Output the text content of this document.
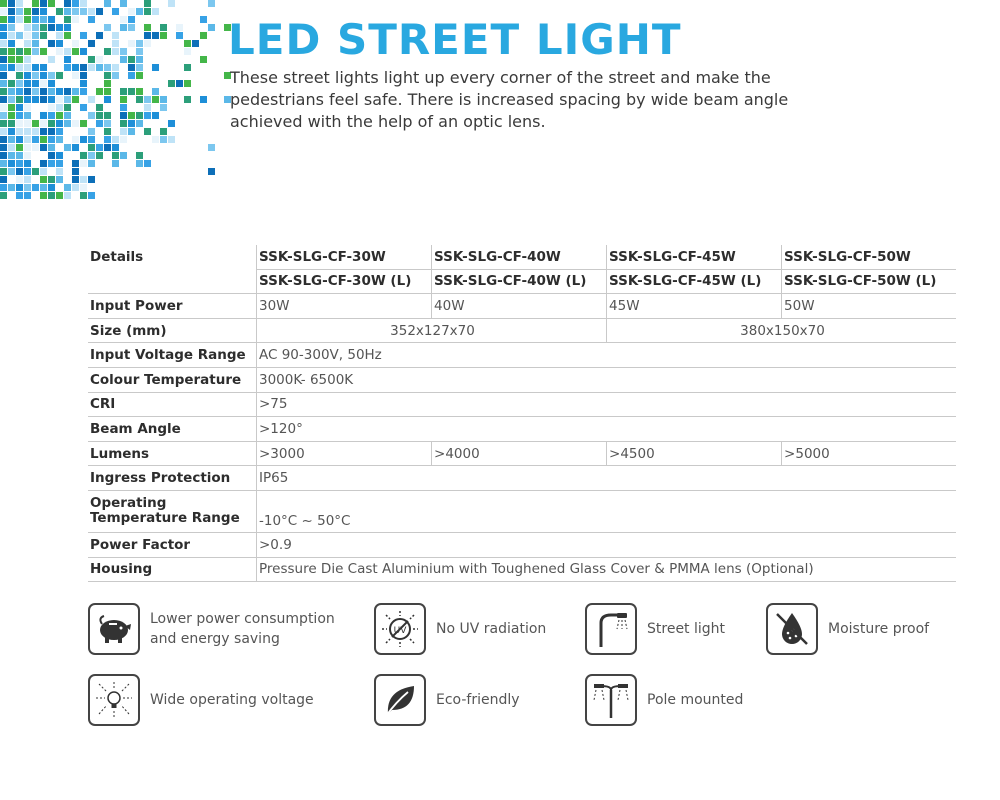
LED STREET LIGHT

These street lights light up every corner of the street and make the pedestrians feel safe. There is increased spacing by wide beam angle achieved with the help of an optic lens.

Details	SSK-SLG-CF-30W	SSK-SLG-CF-40W	SSK-SLG-CF-45W	SSK-SLG-CF-50W
	SSK-SLG-CF-30W (L)	SSK-SLG-CF-40W (L)	SSK-SLG-CF-45W (L)	SSK-SLG-CF-50W (L)
Input Power	30W	40W	45W	50W
Size (mm)	352x127x70		380x150x70	
Input Voltage Range	AC 90-300V, 50Hz			
Colour Temperature	3000K- 6500K			
CRI	>75			
Beam Angle	>120°			
Lumens	>3000	>4000	>4500	>5000
Ingress Protection	IP65			

Operating
Temperature Range	-10°C ~ 50°C			
Power Factor	>0.9			
Housing	Pressure Die Cast Aluminium with Toughened Glass Cover & PMMA lens (Optional)			
Lower power consumption
and energy saving	UV No UV radiation	Street light	Moisture proof
Wide operating voltage	Eco-friendly	Pole mounted
